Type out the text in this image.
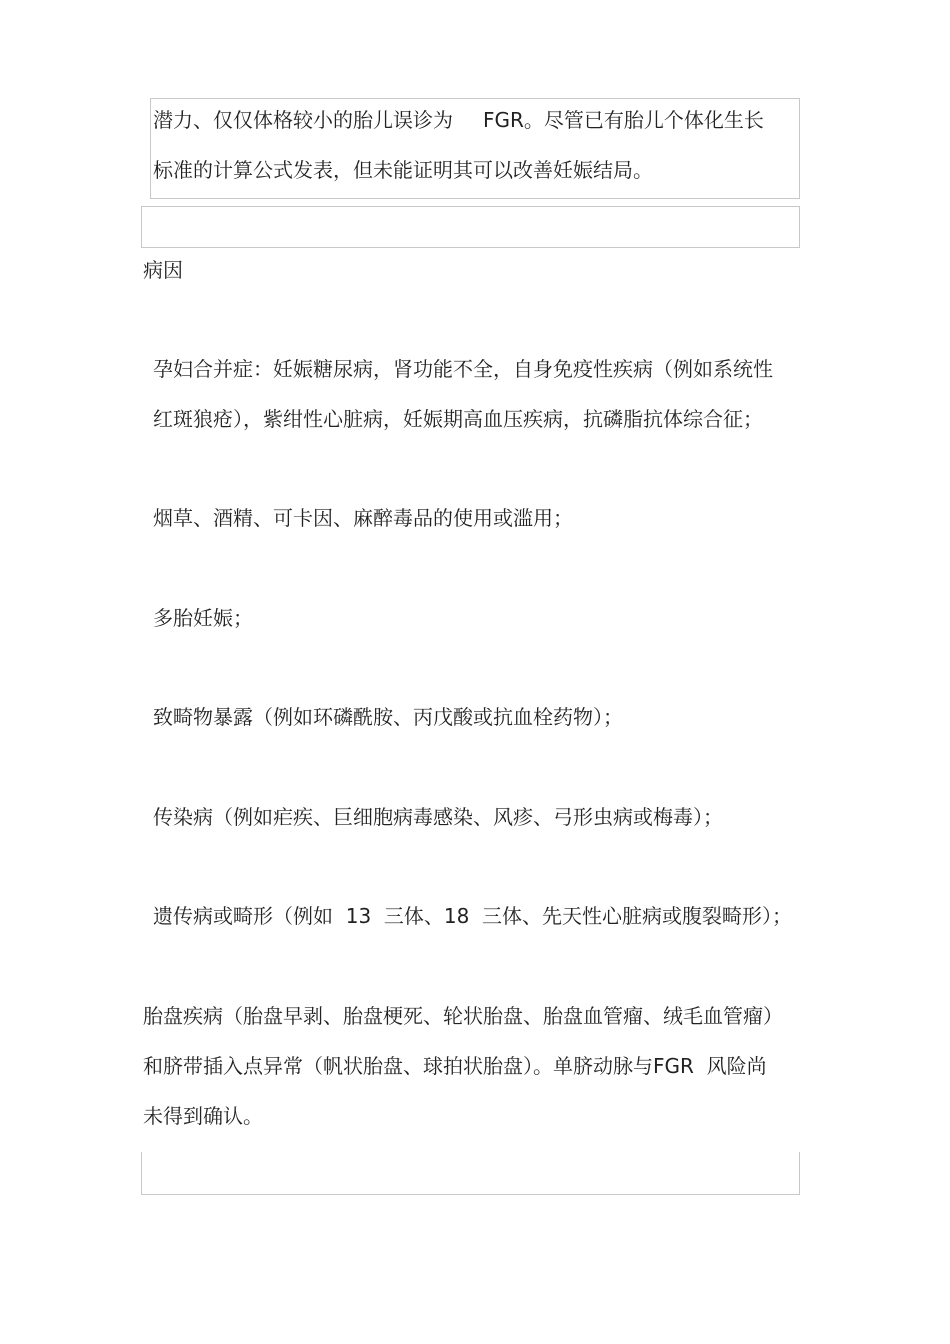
潜力、仅仅体格较小的胎儿误诊为 FGR。尽管已有胎儿个体化生长
标准的计算公式发表，但未能证明其可以改善妊娠结局。
病因
孕妇合并症：妊娠糖尿病，肾功能不全，自身免疫性疾病（例如系统性
红斑狼疮），紫绀性心脏病，妊娠期高血压疾病，抗磷脂抗体综合征；
烟草、酒精、可卡因、麻醉毒品的使用或滥用；
多胎妊娠；
致畸物暴露（例如环磷酰胺、丙戊酸或抗血栓药物）；
传染病（例如疟疾、巨细胞病毒感染、风疹、弓形虫病或梅毒）；
遗传病或畸形（例如  13  三体、18  三体、先天性心脏病或腹裂畸形）；
胎盘疾病（胎盘早剥、胎盘梗死、轮状胎盘、胎盘血管瘤、绒毛血管瘤）
和脐带插入点异常（帆状胎盘、球拍状胎盘）。单脐动脉与FGR  风险尚
未得到确认。
